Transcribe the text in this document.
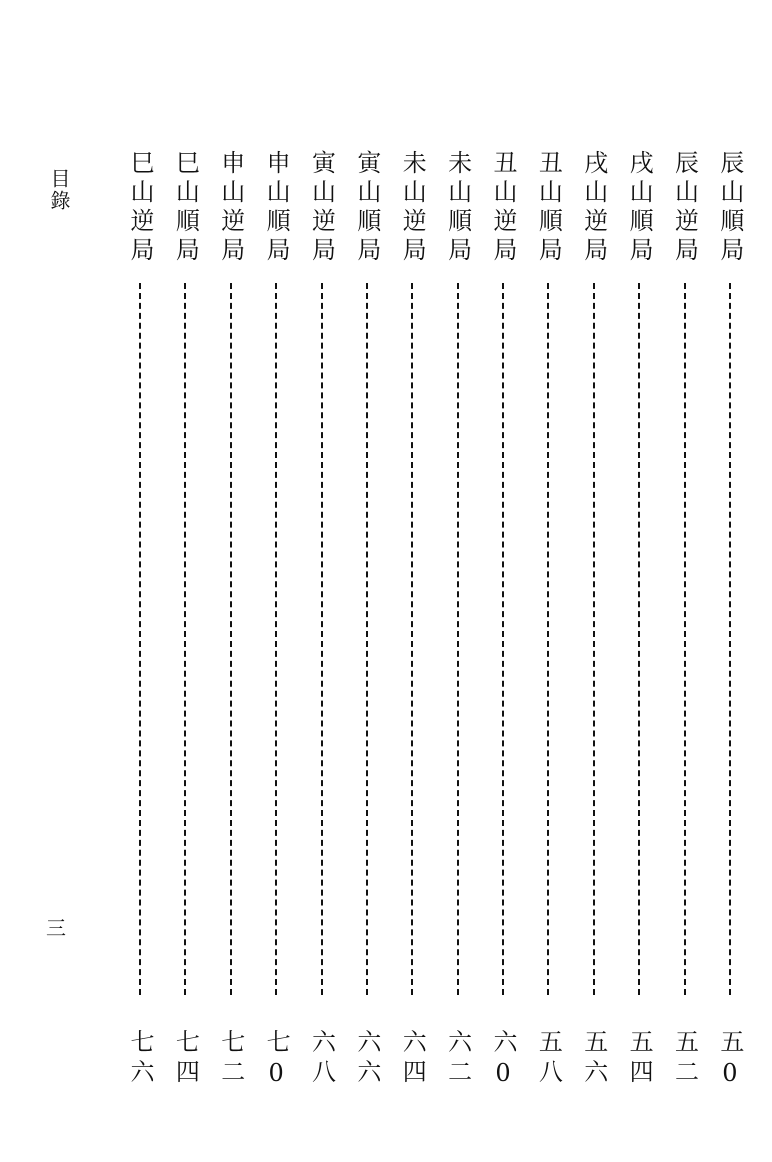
目錄
三
辰山順局
五0
辰山逆局
五二
戌山順局
五四
戌山逆局
五六
丑山順局
五八
丑山逆局
六0
未山順局
六二
未山逆局
六四
寅山順局
六六
寅山逆局
六八
申山順局
七0
申山逆局
七二
巳山順局
七四
巳山逆局
七六
